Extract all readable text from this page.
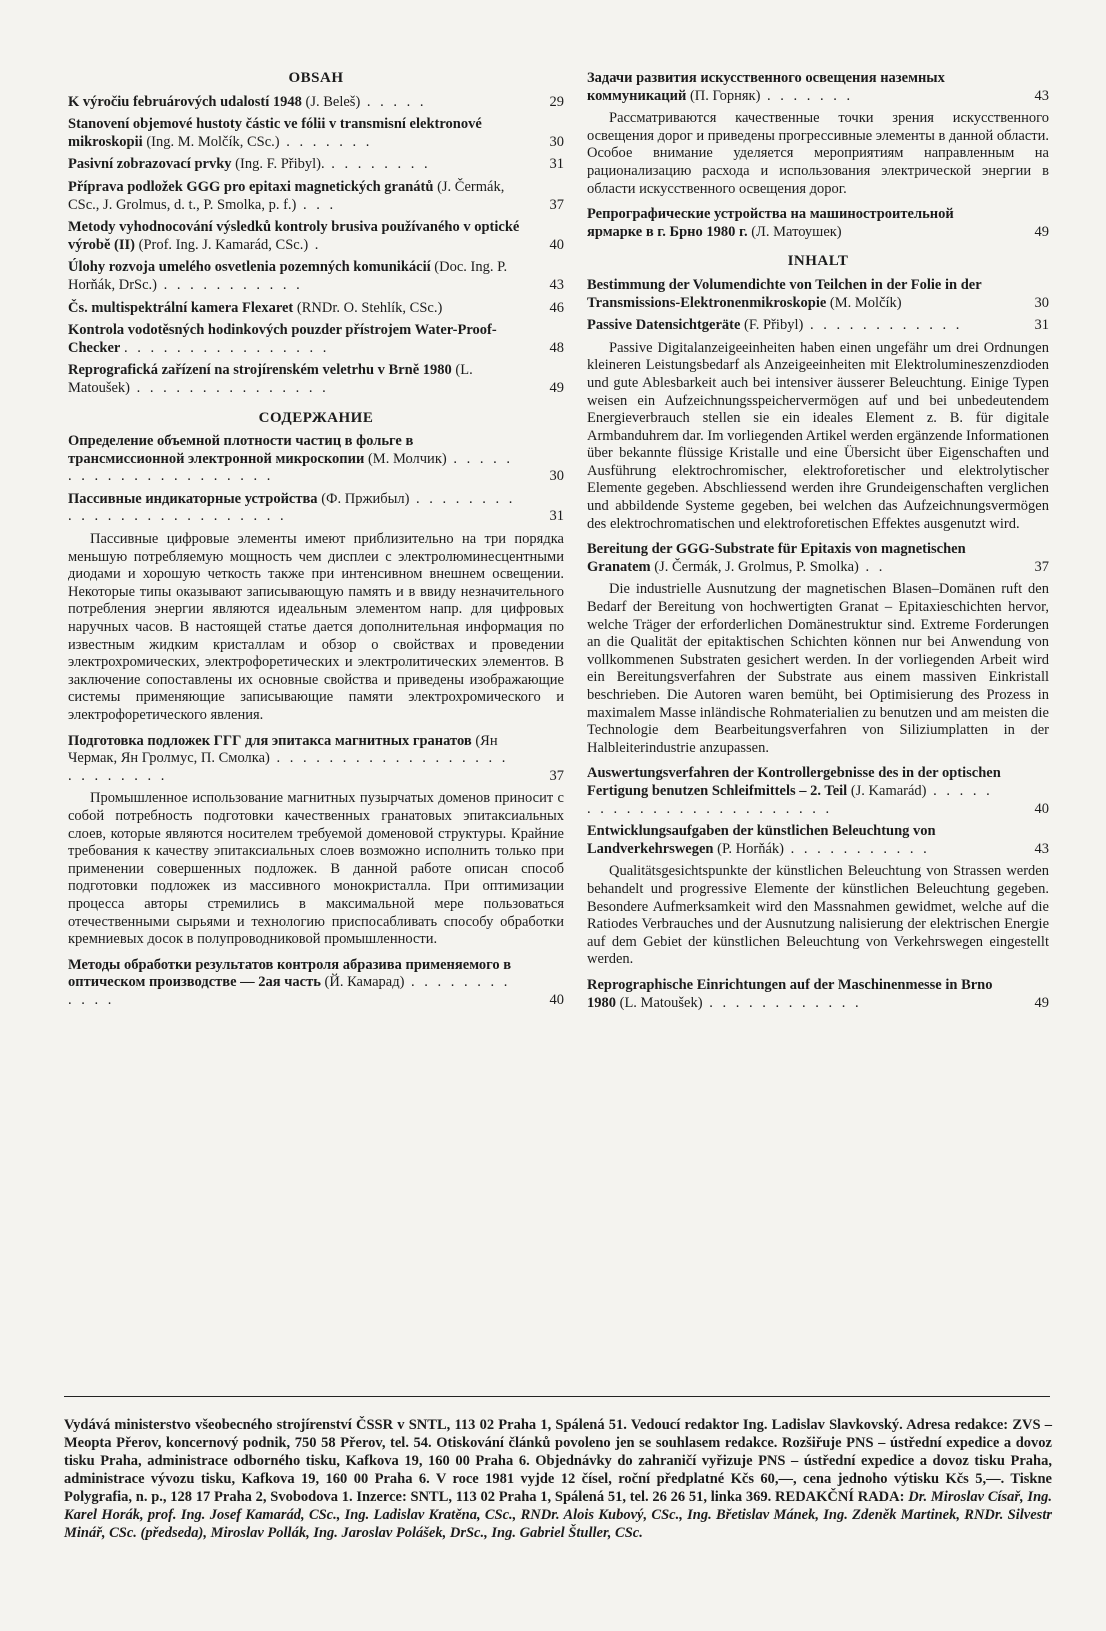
OBSAH
K výročiu februárových udalostí 1948 (J. Beleš) . . . . .	29
Stanovení objemové hustoty částic ve fólii v transmisní elektronové mikroskopii (Ing. M. Molčík, CSc.) . . . . . . .	30
Pasivní zobrazovací prvky (Ing. F. Přibyl). . . . . . . . .	31
Příprava podložek GGG pro epitaxi magnetických granátů (J. Čermák, CSc., J. Grolmus, d. t., P. Smolka, p. f.) . . .	37
Metody vyhodnocování výsledků kontroly brusiva používaného v optické výrobě (II) (Prof. Ing. J. Kamarád, CSc.) .	40
Úlohy rozvoja umelého osvetlenia pozemných komunikácií (Doc. Ing. P. Horňák, DrSc.) . . . . . . . . . . .	43
Čs. multispektrální kamera Flexaret (RNDr. O. Stehlík, CSc.)	46
Kontrola vodotěsných hodinkových pouzder přístrojem Water-Proof-Checker . . . . . . . . . . . . . . . .	48
Reprografická zařízení na strojírenském veletrhu v Brně 1980 (L. Matoušek) . . . . . . . . . . . . . . .	49
СОДЕРЖАНИЕ
Определение объемной плотности частиц в фольге в трансмиссионной электронной микроскопии (М. Молчик) . . . . . . . . . . . . . . . . . . . . .	30
Пассивные индикаторные устройства (Ф. Пржибыл) . . . . . . . . . . . . . . . . . . . . . . . . .	31
Пассивные цифровые элементы имеют приблизительно на три порядка меньшую потребляемую мощность чем дисплеи с электролюминесцентными диодами и хорошую четкость также при интенсивном внешнем освещении. Некоторые типы оказывают записывающую память и в ввиду незначительного потребления энергии являются идеальным элементом напр. для цифровых наручных часов. В настоящей статье дается дополнительная информация по известным жидким кристаллам и обзор о свойствах и проведении электрохромических, электрофоретических и электролитических элементов. В заключение сопоставлены их основные свойства и приведены изображающие системы применяющие записывающие памяти электрохромического и электрофоретического явления.
Подготовка подложек ГГГ для эпитакса магнитных гранатов (Ян Чермак, Ян Гролмус, П. Смолка) . . . . . . . . . . . . . . . . . . . . . . . . . .	37
Промышленное использование магнитных пузырчатых доменов приносит с собой потребность подготовки качественных гранатовых эпитаксиальных слоев, которые являются носителем требуемой доменовой структуры. Крайние требования к качеству эпитаксиальных слоев возможно исполнить только при применении совершенных подложек. В данной работе описан способ подготовки подложек из массивного монокристалла. При оптимизации процесса авторы стремились в максимальной мере пользоваться отечественными сырьями и технологию приспосабливать способу обработки кремниевых досок в полупроводниковой промышленности.
Методы обработки результатов контроля абразива применяемого в оптическом производстве — 2ая часть (Й. Камарад) . . . . . . . . . . . .	40
Задачи развития искусственного освещения наземных коммуникаций (П. Горняк) . . . . . . .	43
Рассматриваются качественные точки зрения искусственного освещения дорог и приведены прогрессивные элементы в данной области. Особое внимание уделяется мероприятиям направленным на рационализацию расхода и использования электрической энергии в области искусственного освещения дорог.
Репрографические устройства на машиностроительной ярмарке в г. Брно 1980 г. (Л. Матоушек)	49
INHALT
Bestimmung der Volumendichte von Teilchen in der Folie in der Transmissions-Elektronenmikroskopie (M. Molčík)	30
Passive Datensichtgeräte (F. Přibyl) . . . . . . . . . . . .	31
Passive Digitalanzeigeeinheiten haben einen ungefähr um drei Ordnungen kleineren Leistungsbedarf als Anzeigeeinheiten mit Elektrolumineszenzdioden und gute Ablesbarkeit auch bei intensiver äusserer Beleuchtung. Einige Typen weisen ein Aufzeichnungsspeichervermögen auf und bei unbedeutendem Energieverbrauch stellen sie ein ideales Element z. B. für digitale Armbanduhrem dar. Im vorliegenden Artikel werden ergänzende Informationen über bekannte flüssige Kristalle und eine Übersicht über Eigenschaften und Ausführung elektrochromischer, elektroforetischer und elektrolytischer Elemente gegeben. Abschliessend werden ihre Grundeigenschaften verglichen und abbildende Systeme gegeben, bei welchen das Aufzeichnungsvermögen des elektrochromatischen und elektroforetischen Effektes ausgenutzt wird.
Bereitung der GGG-Substrate für Epitaxis von magnetischen Granatem (J. Čermák, J. Grolmus, P. Smolka) . .	37
Die industrielle Ausnutzung der magnetischen Blasen–Domänen ruft den Bedarf der Bereitung von hochwertigten Granat – Epitaxieschichten hervor, welche Träger der erforderlichen Domänestruktur sind. Extreme Forderungen an die Qualität der epitaktischen Schichten können nur bei Anwendung von vollkommenen Substraten gesichert werden. In der vorliegenden Arbeit wird ein Bereitungsverfahren der Substrate aus einem massiven Einkristall beschrieben. Die Autoren waren bemüht, bei Optimisierung des Prozess in maximalem Masse inländische Rohmaterialien zu benutzen und am meisten die Technologie dem Bearbeitungsverfahren von Siliziumplatten in der Halbleiterindustrie anzupassen.
Auswertungsverfahren der Kontrollergebnisse des in der optischen Fertigung benutzen Schleifmittels – 2. Teil (J. Kamarád) . . . . . . . . . . . . . . . . . . . . . . . .	40
Entwicklungsaufgaben der künstlichen Beleuchtung von Landverkehrswegen (P. Horňák) . . . . . . . . . . .	43
Qualitätsgesichtspunkte der künstlichen Beleuchtung von Strassen werden behandelt und progressive Elemente der künstlichen Beleuchtung gegeben. Besondere Aufmerksamkeit wird den Massnahmen gewidmet, welche auf die Ratiodes Verbrauches und der Ausnutzung nalisierung der elektrischen Energie auf dem Gebiet der künstlichen Beleuchtung von Verkehrswegen eingestellt werden.
Reprographische Einrichtungen auf der Maschinenmesse in Brno 1980 (L. Matoušek) . . . . . . . . . . . .	49
Vydává ministerstvo všeobecného strojírenství ČSSR v SNTL, 113 02 Praha 1, Spálená 51. Vedoucí redaktor Ing. Ladislav Slavkovský. Adresa redakce: ZVS – Meopta Přerov, koncernový podnik, 750 58 Přerov, tel. 54. Otiskování článků povoleno jen se souhlasem redakce. Rozšiřuje PNS – ústřední expedice a dovoz tisku Praha, administrace odborného tisku, Kafkova 19, 160 00 Praha 6. Objednávky do zahraničí vyřizuje PNS – ústřední expedice a dovoz tisku Praha, administrace vývozu tisku, Kafkova 19, 160 00 Praha 6. V roce 1981 vyjde 12 čísel, roční předplatné Kčs 60,—, cena jednoho výtisku Kčs 5,—. Tiskne Polygrafia, n. p., 128 17 Praha 2, Svobodova 1. Inzerce: SNTL, 113 02 Praha 1, Spálená 51, tel. 26 26 51, linka 369. REDAKČNÍ RADA: Dr. Miroslav Císař, Ing. Karel Horák, prof. Ing. Josef Kamarád, CSc., Ing. Ladislav Kratěna, CSc., RNDr. Alois Kubový, CSc., Ing. Břetislav Mánek, Ing. Zdeněk Martinek, RNDr. Silvestr Minář, CSc. (předseda), Miroslav Pollák, Ing. Jaroslav Polášek, DrSc., Ing. Gabriel Štuller, CSc.
